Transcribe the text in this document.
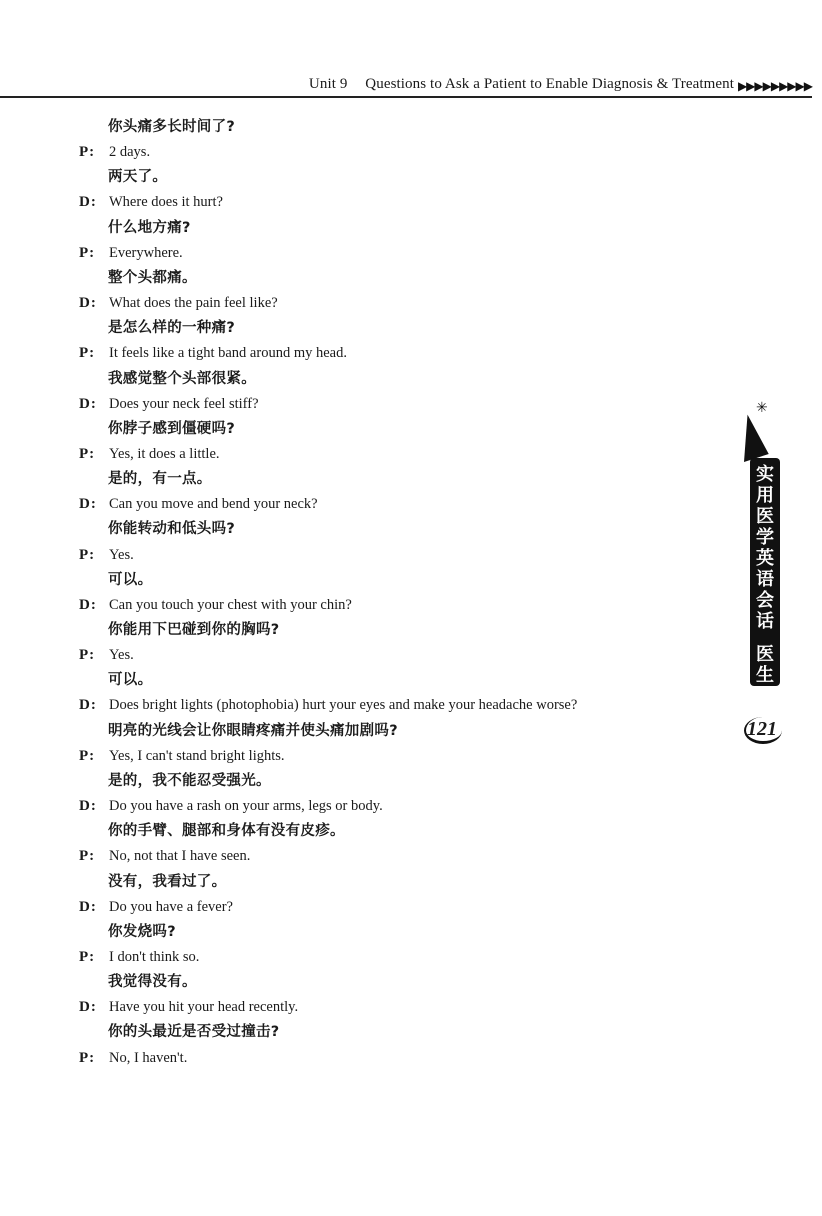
Unit 9 Questions to Ask a Patient to Enable Diagnosis & Treatment ▶▶▶▶▶▶▶▶▶
你头痛多长时间了?
P: 2 days.
两天了。
D: Where does it hurt?
什么地方痛?
P: Everywhere.
整个头都痛。
D: What does the pain feel like?
是怎么样的一种痛?
P: It feels like a tight band around my head.
我感觉整个头部很紧。
D: Does your neck feel stiff?
你脖子感到僵硬吗?
P: Yes, it does a little.
是的，有一点。
D: Can you move and bend your neck?
你能转动和低头吗?
P: Yes.
可以。
D: Can you touch your chest with your chin?
你能用下巴碰到你的胸吗?
P: Yes.
可以。
D: Does bright lights (photophobia) hurt your eyes and make your headache worse?
明亮的光线会让你眼睛疼痛并使头痛加剧吗?
P: Yes, I can't stand bright lights.
是的，我不能忍受强光。
D: Do you have a rash on your arms, legs or body.
你的手臂、腿部和身体有没有皮疹。
P: No, not that I have seen.
没有，我看过了。
D: Do you have a fever?
你发烧吗?
P: I don't think so.
我觉得没有。
D: Have you hit your head recently.
你的头最近是否受过撞击?
P: No, I haven't.
✳
实
用
医
学
英
语
会
话
医
生
篇
121
